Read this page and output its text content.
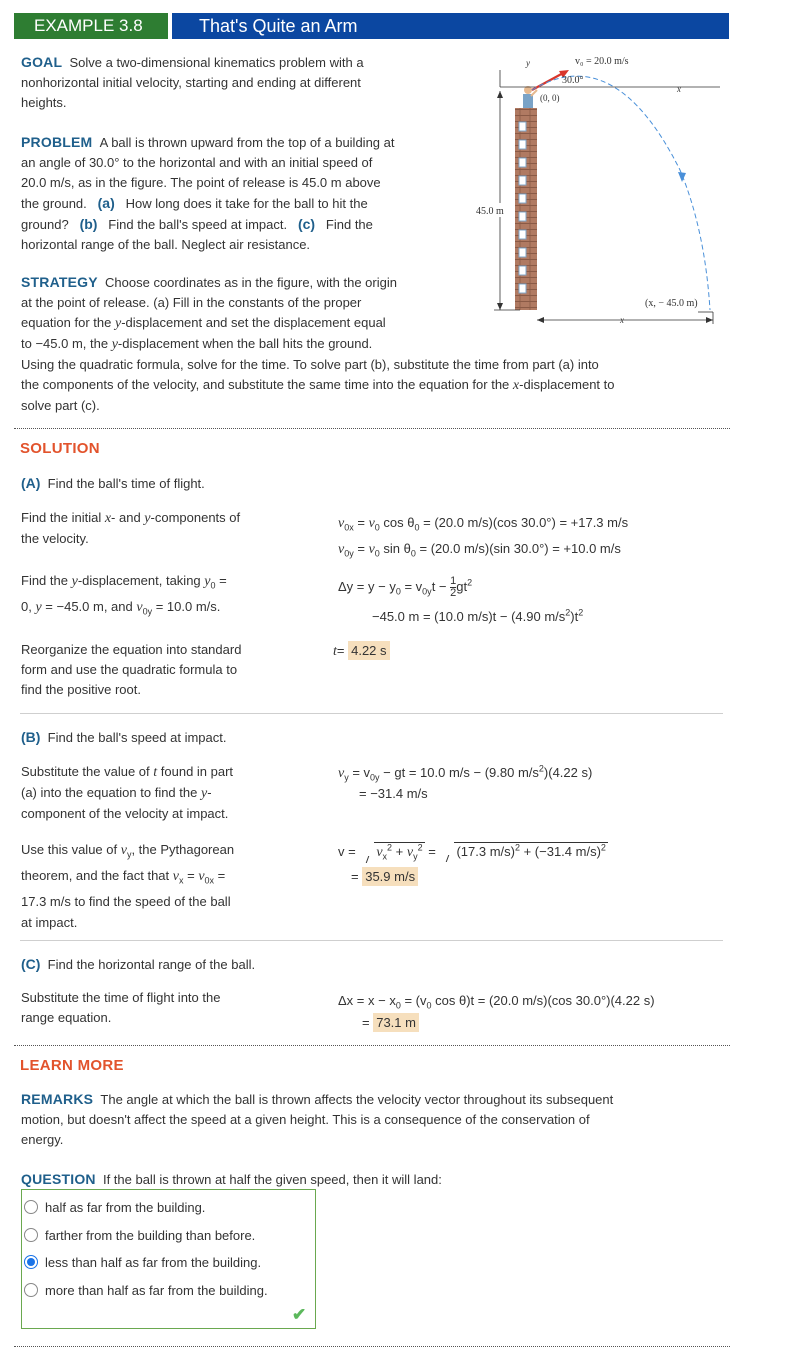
EXAMPLE 3.8	That's Quite an Arm
GOAL Solve a two-dimensional kinematics problem with a
nonhorizontal initial velocity, starting and ending at different
heights.
PROBLEM A ball is thrown upward from the top of a building at
an angle of 30.0° to the horizontal and with an initial speed of
20.0 m/s, as in the figure. The point of release is 45.0 m above
the ground. (a) How long does it take for the ball to hit the
ground? (b) Find the ball's speed at impact. (c) Find the
horizontal range of the ball. Neglect air resistance.
STRATEGY Choose coordinates as in the figure, with the origin
at the point of release. (a) Fill in the constants of the proper
equation for the y-displacement and set the displacement equal
to −45.0 m, the y-displacement when the ball hits the ground.
Using the quadratic formula, solve for the time. To solve part (b), substitute the time from part (a) into
the components of the velocity, and substitute the same time into the equation for the x-displacement to
solve part (c).
(0, 0)
v₀ = 20.0 m/s
30.0°
y
x
45.0 m
(x, − 45.0 m)
x
SOLUTION
(A) Find the ball's time of flight.
Find the initial x- and y-components of
the velocity.
$v_{0x} = v_0$ $\cos \theta_0 = (20.0$ m/s)(cos 30.0°) = +17.3 m/s
$v_{0y} = v_0$ $\sin \theta_0 = (20.0$ m/s)(sin 30.0°) = +10.0 m/s
Find the y-displacement, taking $y_0$ =
0, y = −45.0 m, and $v_{0y} = 10.0$ m/s.
$\Delta y = y - y_0 = v_{0y}t - \frac{1}{2} gt^2$
−45.0 m = (10.0 m/s)t − (4.90 $m/s^2)t^2$
Reorganize the equation into standard
form and use the quadratic formula to
find the positive root.
t= 4.22 s
(B) Find the ball's speed at impact.
Substitute the value of t found in part
(a) into the equation to find the y-
component of the velocity at impact.
$v_y = v_{0y}$ − gt = 10.0 m/s − (9.80 $m/s^2)(4.22$ s)
= −31.4 m/s
Use this value of $v_y$, the Pythagorean
theorem, and the fact that $v_x = v_{0x}$ =
17.3 m/s to find the speed of the ball
at impact.
$v = v_x^2 + v_y^2 = (17.3$ m/s)$^2$ + (−31.4 m/s)$^2$
= 35.9 m/s
(C) Find the horizontal range of the ball.
Substitute the time of flight into the
range equation.
$\Delta x = x - x_0 = (v_0$ cos θ)t = (20.0 m/s)(cos 30.0°)(4.22 s)
= 73.1 m
LEARN MORE
REMARKS The angle at which the ball is thrown affects the velocity vector throughout its subsequent
motion, but doesn't affect the speed at a given height. This is a consequence of the conservation of
energy.
QUESTION If the ball is thrown at half the given speed, then it will land:
half as far from the building.
farther from the building than before.
less than half as far from the building.
more than half as far from the building.
✔
